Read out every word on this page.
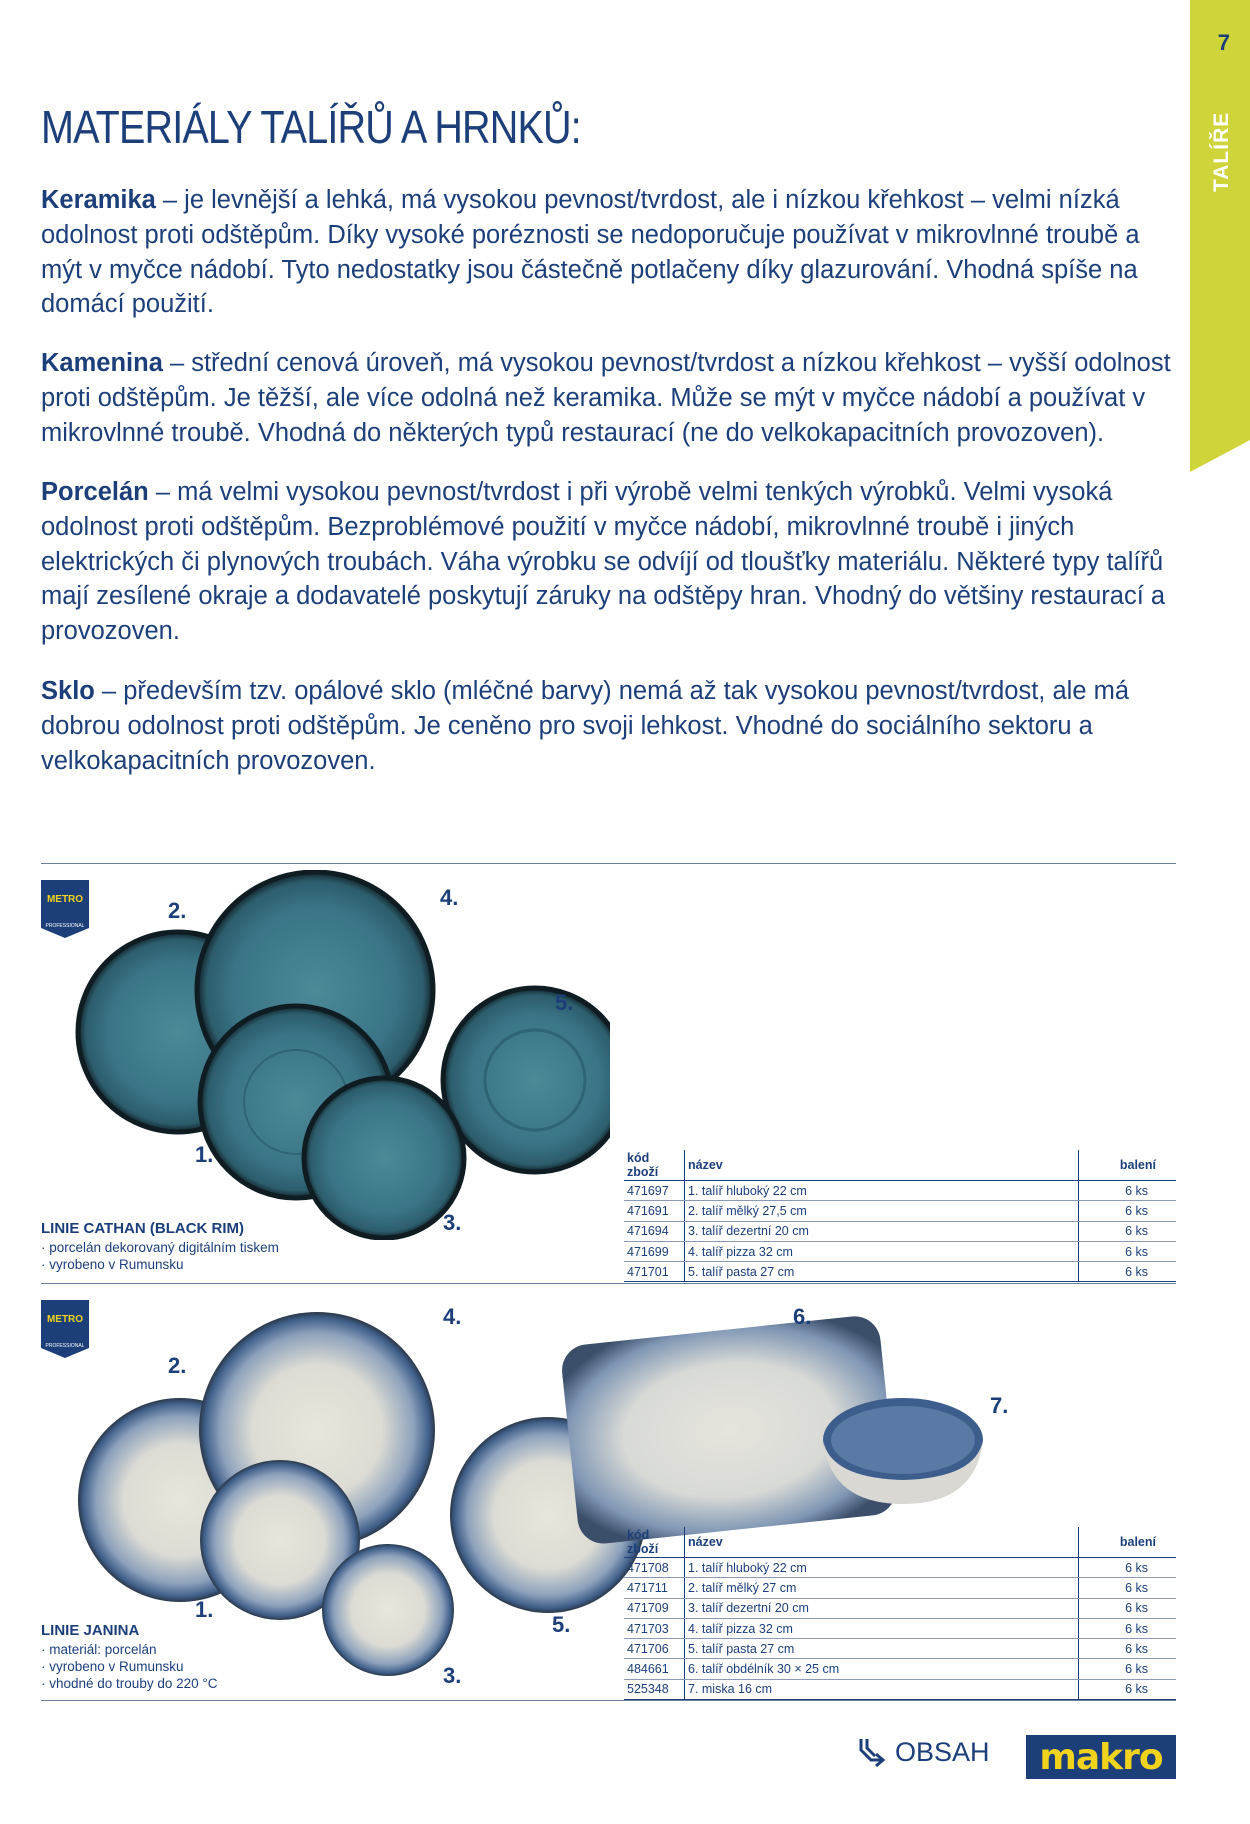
7
TALÍŘE
MATERIÁLY TALÍŘŮ A HRNKŮ:

Keramika – je levnější a lehká, má vysokou pevnost/tvrdost, ale i nízkou křehkost – velmi nízká odolnost proti odštěpům. Díky vysoké poréznosti se nedoporučuje používat v mikrovlnné troubě a mýt v myčce nádobí. Tyto nedostatky jsou částečně potlačeny díky glazurování. Vhodná spíše na domácí použití.

Kamenina – střední cenová úroveň, má vysokou pevnost/tvrdost a nízkou křehkost – vyšší odolnost proti odštěpům. Je těžší, ale více odolná než keramika. Může se mýt v myčce nádobí a používat v mikrovlnné troubě. Vhodná do některých typů restaurací (ne do velkokapacitních provozoven).

Porcelán – má velmi vysokou pevnost/tvrdost i při výrobě velmi tenkých výrobků. Velmi vysoká odolnost proti odštěpům. Bezproblémové použití v myčce nádobí, mikrovlnné troubě i jiných elektrických či plynových troubách. Váha výrobku se odvíjí od tloušťky materiálu. Některé typy talířů mají zesílené okraje a dodavatelé poskytují záruky na odštěpy hran. Vhodný do většiny restaurací a provozoven.

Sklo – především tzv. opálové sklo (mléčné barvy) nemá až tak vysokou pevnost/tvrdost, ale má dobrou odolnost proti odštěpům. Je ceněno pro svoji lehkost. Vhodné do sociálního sektoru a velkokapacitních provozoven.

METRO
PROFESSIONAL
2.
4.
5.
1.
3.
LINIE CATHAN (BLACK RIM)
· porcelán dekorovaný digitálním tiskem
· vyrobeno v Rumunsku
kód zboží	název	balení
471697	1. talíř hluboký 22 cm	6 ks
471691	2. talíř mělký 27,5 cm	6 ks
471694	3. talíř dezertní 20 cm	6 ks
471699	4. talíř pizza 32 cm	6 ks
471701	5. talíř pasta 27 cm	6 ks
METRO
PROFESSIONAL
2.
4.	6.
7.
1.
5.
3.
LINIE JANINA
· materiál: porcelán
· vyrobeno v Rumunsku
· vhodné do trouby do 220 °C
kód zboží	název	balení
471708	1. talíř hluboký 22 cm	6 ks
471711	2. talíř mělký 27 cm	6 ks
471709	3. talíř dezertní 20 cm	6 ks
471703	4. talíř pizza 32 cm	6 ks
471706	5. talíř pasta 27 cm	6 ks
484661	6. talíř obdélník 30 × 25 cm	6 ks
525348	7. miska 16 cm	6 ks
OBSAH makro
